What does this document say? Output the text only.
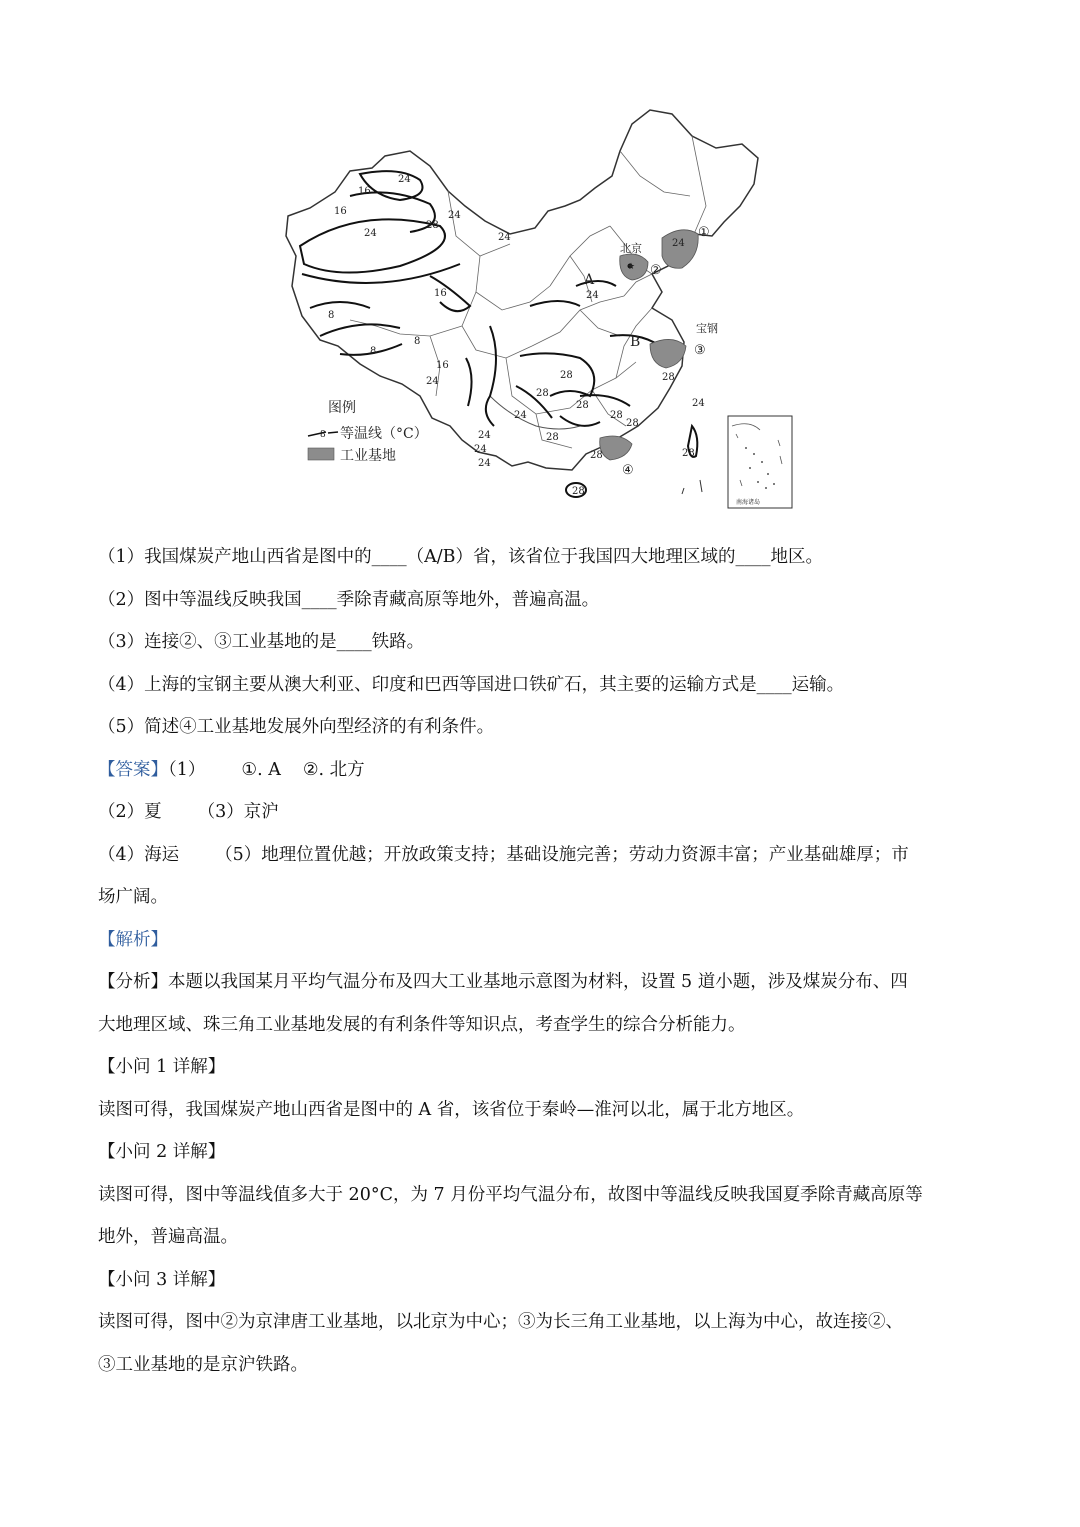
★
①
②
③
④
北京
宝钢
A
B
24
16
16	24
28
24
16
24
24
24
8
8
8
16
24
28
28
28
28
28
24
24
24
24
28
28
28	28
24
28
南海诸岛
图例
8 等温线（°C）
工业基地
（1）我国煤炭产地山西省是图中的____（A/B）省，该省位于我国四大地理区域的____地区。
（2）图中等温线反映我国____季除青藏高原等地外，普遍高温。
（3）连接②、③工业基地的是____铁路。
（4）上海的宝钢主要从澳大利亚、印度和巴西等国进口铁矿石，其主要的运输方式是____运输。
（5）简述④工业基地发展外向型经济的有利条件。
【答案】（1） ①. A ②. 北方
（2）夏 （3）京沪
（4）海运 （5）地理位置优越；开放政策支持；基础设施完善；劳动力资源丰富；产业基础雄厚；市
场广阔。
【解析】
【分析】本题以我国某月平均气温分布及四大工业基地示意图为材料，设置 5 道小题，涉及煤炭分布、四
大地理区域、珠三角工业基地发展的有利条件等知识点，考查学生的综合分析能力。
【小问 1 详解】
读图可得，我国煤炭产地山西省是图中的 A 省，该省位于秦岭—淮河以北，属于北方地区。
【小问 2 详解】
读图可得，图中等温线值多大于 20°C，为 7 月份平均气温分布，故图中等温线反映我国夏季除青藏高原等
地外，普遍高温。
【小问 3 详解】
读图可得，图中②为京津唐工业基地，以北京为中心；③为长三角工业基地，以上海为中心，故连接②、
③工业基地的是京沪铁路。
